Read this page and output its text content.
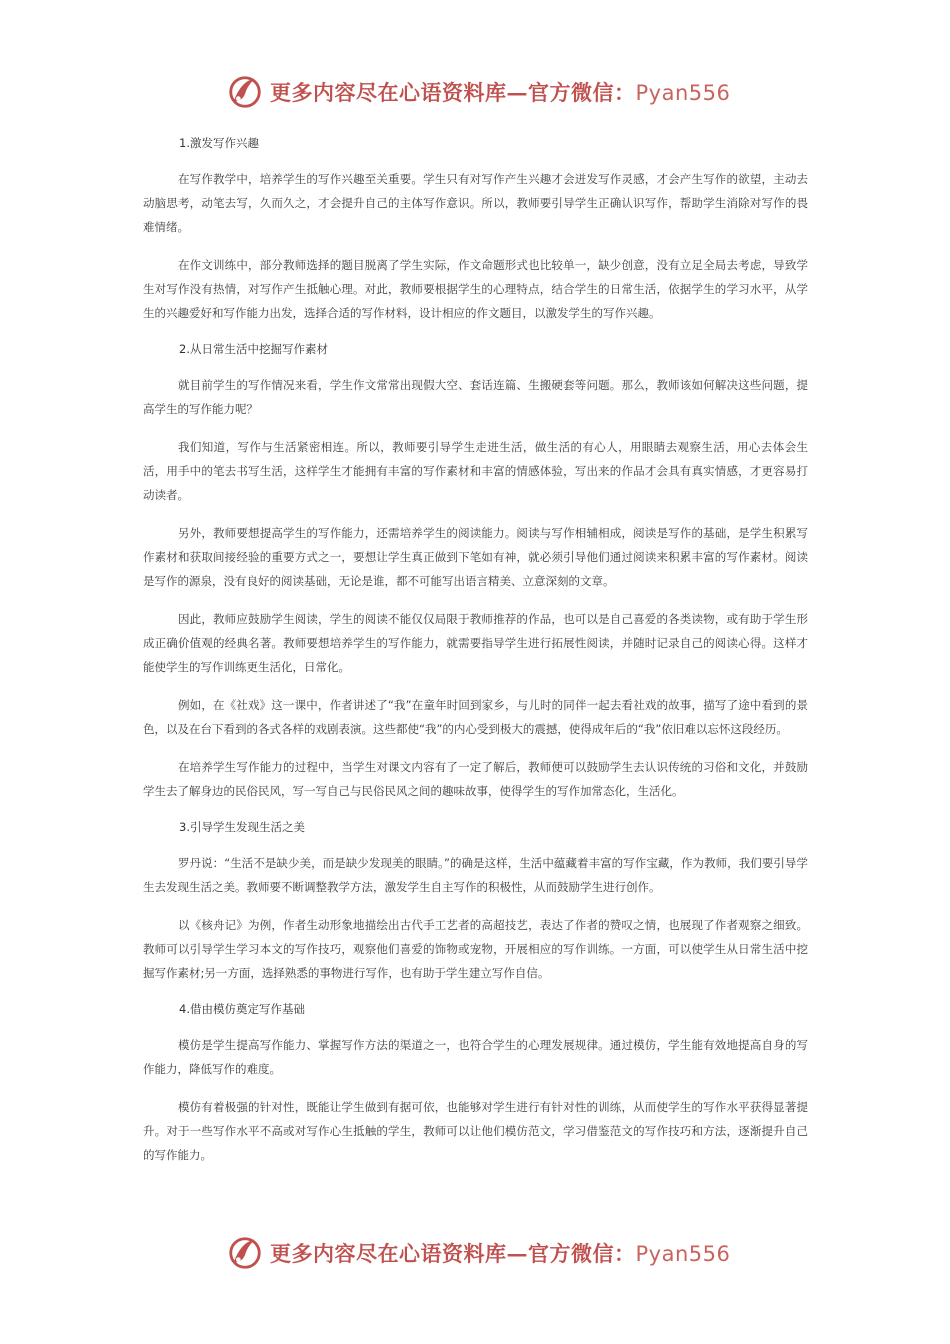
更多内容尽在心语资料库—官方微信：Pyan556
1.激发写作兴趣

在写作教学中，培养学生的写作兴趣至关重要。学生只有对写作产生兴趣才会迸发写作灵感，才会产生写作的欲望，主动去动脑思考，动笔去写，久而久之，才会提升自己的主体写作意识。所以，教师要引导学生正确认识写作，帮助学生消除对写作的畏难情绪。

在作文训练中，部分教师选择的题目脱离了学生实际，作文命题形式也比较单一，缺少创意，没有立足全局去考虑，导致学生对写作没有热情，对写作产生抵触心理。对此，教师要根据学生的心理特点，结合学生的日常生活，依据学生的学习水平，从学生的兴趣爱好和写作能力出发，选择合适的写作材料，设计相应的作文题目，以激发学生的写作兴趣。

2.从日常生活中挖掘写作素材

就目前学生的写作情况来看，学生作文常常出现假大空、套话连篇、生搬硬套等问题。那么，教师该如何解决这些问题，提高学生的写作能力呢？

我们知道，写作与生活紧密相连。所以，教师要引导学生走进生活，做生活的有心人，用眼睛去观察生活，用心去体会生活，用手中的笔去书写生活，这样学生才能拥有丰富的写作素材和丰富的情感体验，写出来的作品才会具有真实情感，才更容易打动读者。

另外，教师要想提高学生的写作能力，还需培养学生的阅读能力。阅读与写作相辅相成，阅读是写作的基础，是学生积累写作素材和获取间接经验的重要方式之一，要想让学生真正做到下笔如有神，就必须引导他们通过阅读来积累丰富的写作素材。阅读是写作的源泉，没有良好的阅读基础，无论是谁，都不可能写出语言精美、立意深刻的文章。

因此，教师应鼓励学生阅读，学生的阅读不能仅仅局限于教师推荐的作品，也可以是自己喜爱的各类读物，或有助于学生形成正确价值观的经典名著。教师要想培养学生的写作能力，就需要指导学生进行拓展性阅读，并随时记录自己的阅读心得。这样才能使学生的写作训练更生活化，日常化。

例如，在《社戏》这一课中，作者讲述了“我”在童年时回到家乡，与儿时的同伴一起去看社戏的故事，描写了途中看到的景色，以及在台下看到的各式各样的戏剧表演。这些都使“我”的内心受到极大的震撼，使得成年后的“我”依旧难以忘怀这段经历。

在培养学生写作能力的过程中，当学生对课文内容有了一定了解后，教师便可以鼓励学生去认识传统的习俗和文化，并鼓励学生去了解身边的民俗民风，写一写自己与民俗民风之间的趣味故事，使得学生的写作加常态化，生活化。

3.引导学生发现生活之美

罗丹说：“生活不是缺少美，而是缺少发现美的眼睛。”的确是这样，生活中蕴藏着丰富的写作宝藏，作为教师，我们要引导学生去发现生活之美。教师要不断调整教学方法，激发学生自主写作的积极性，从而鼓励学生进行创作。

以《核舟记》为例，作者生动形象地描绘出古代手工艺者的高超技艺，表达了作者的赞叹之情，也展现了作者观察之细致。教师可以引导学生学习本文的写作技巧，观察他们喜爱的饰物或宠物，开展相应的写作训练。一方面，可以使学生从日常生活中挖掘写作素材;另一方面，选择熟悉的事物进行写作，也有助于学生建立写作自信。

4.借由模仿奠定写作基础

模仿是学生提高写作能力、掌握写作方法的渠道之一，也符合学生的心理发展规律。通过模仿，学生能有效地提高自身的写作能力，降低写作的难度。

模仿有着极强的针对性，既能让学生做到有据可依，也能够对学生进行有针对性的训练，从而使学生的写作水平获得显著提升。对于一些写作水平不高或对写作心生抵触的学生，教师可以让他们模仿范文，学习借鉴范文的写作技巧和方法，逐渐提升自己的写作能力。

更多内容尽在心语资料库—官方微信：Pyan556
